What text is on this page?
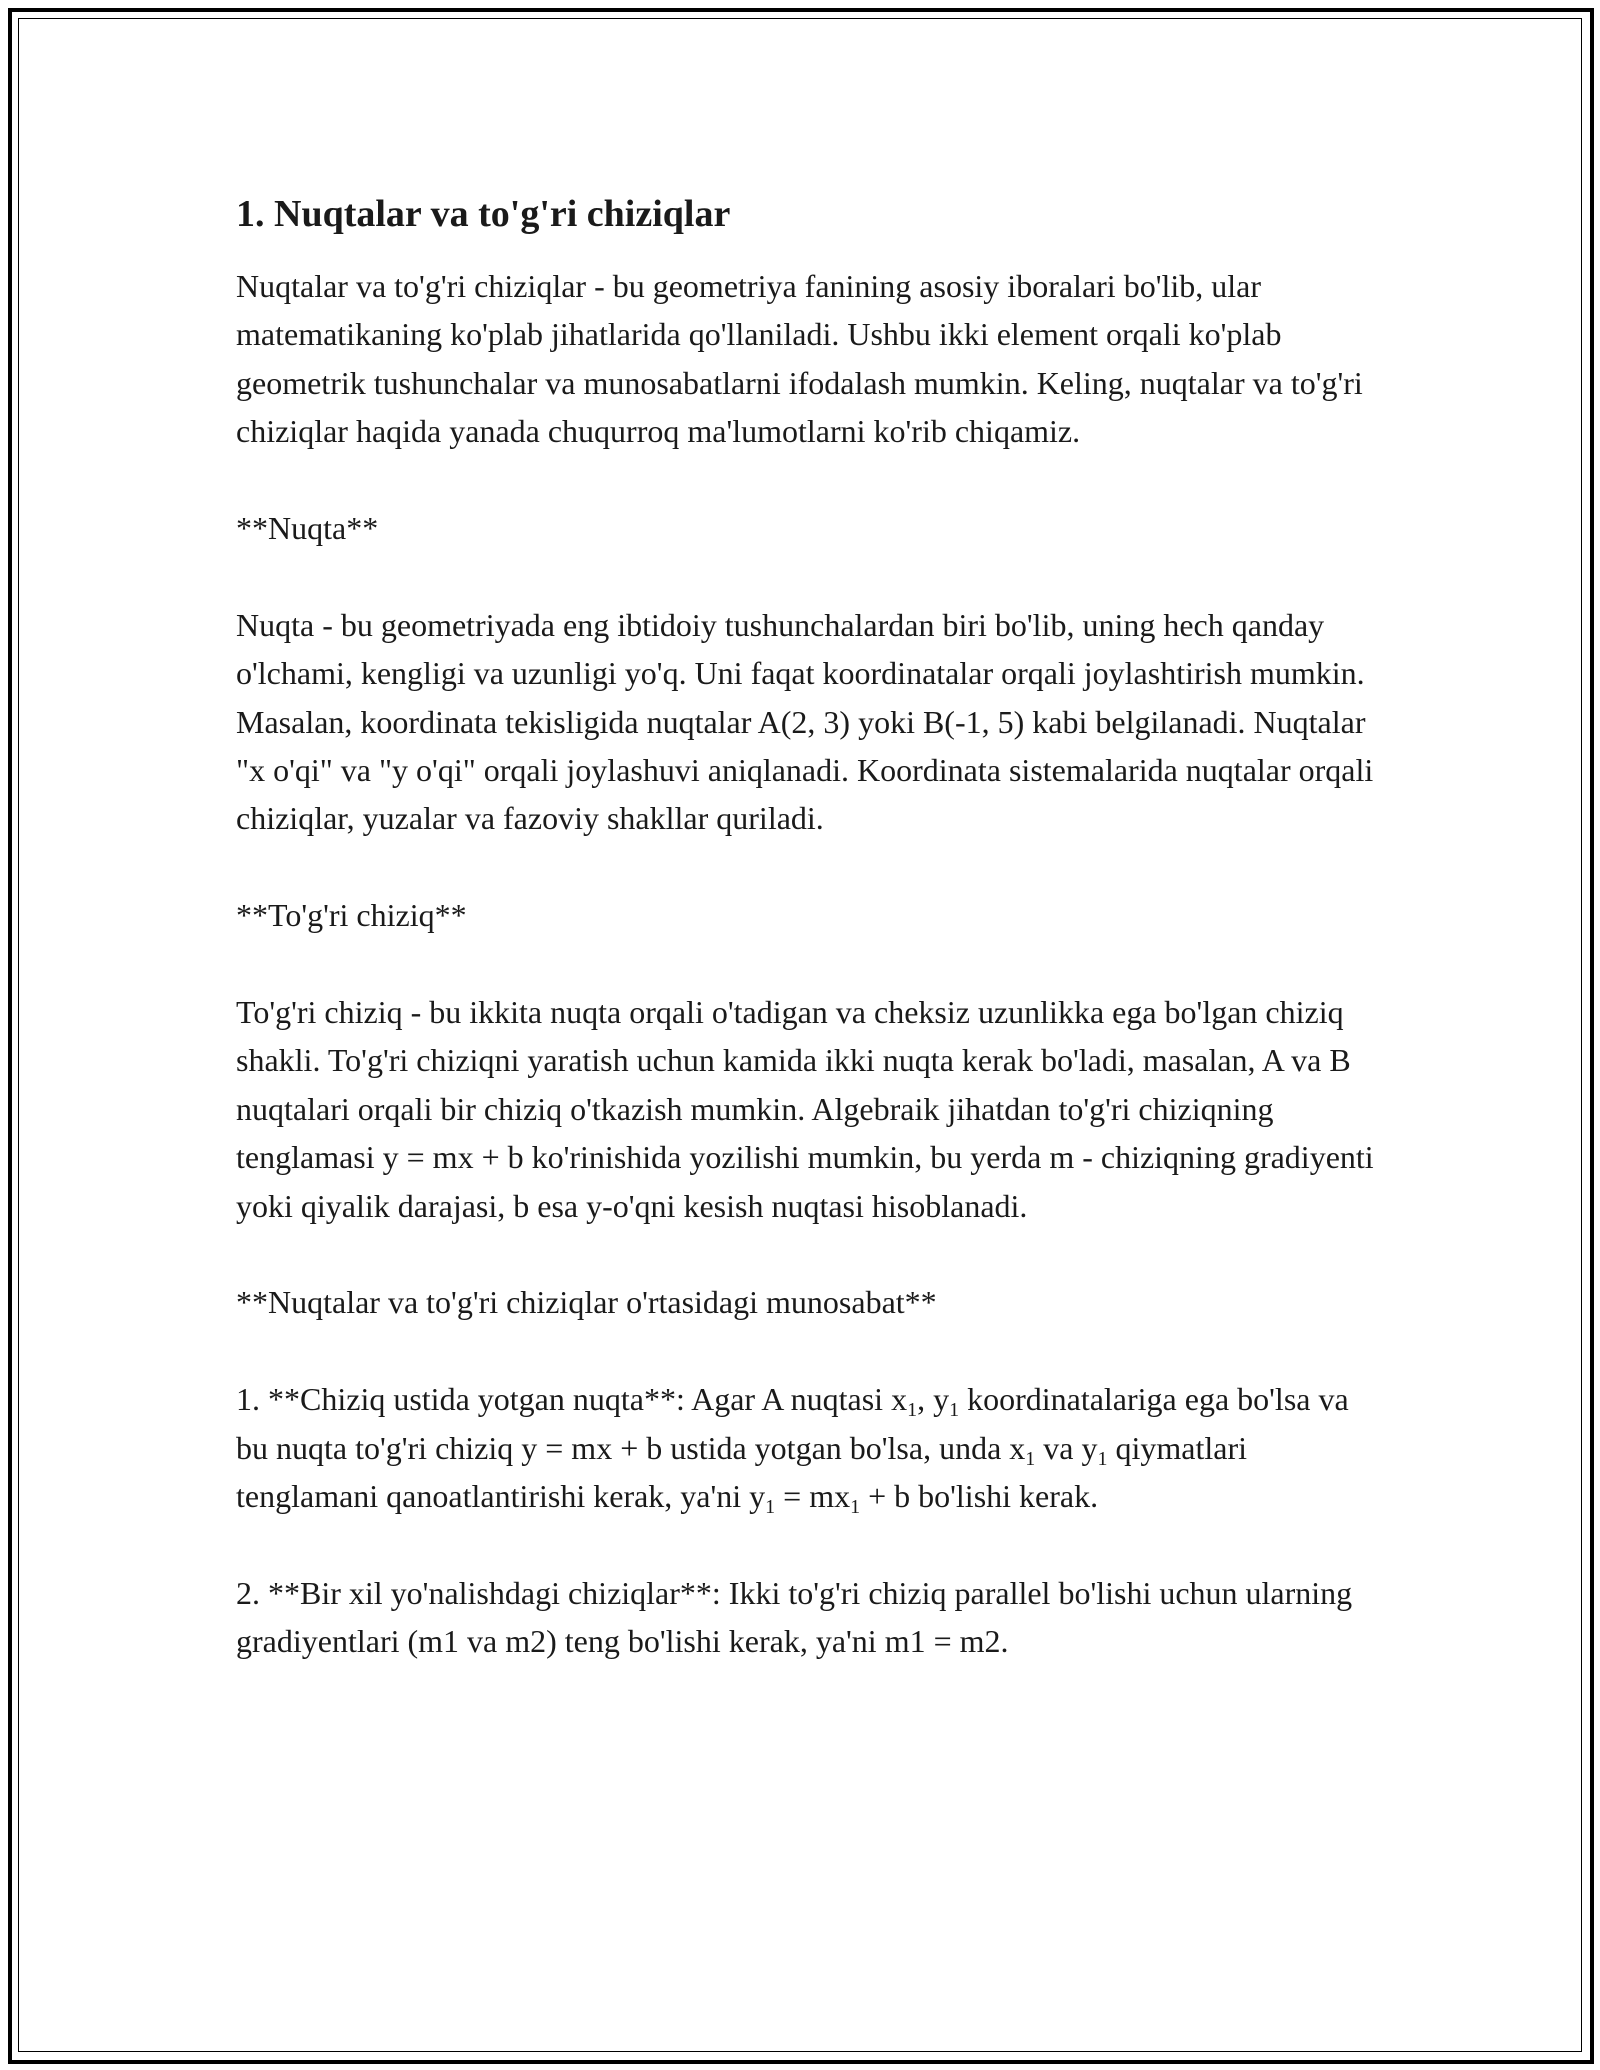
1. Nuqtalar va to'g'ri chiziqlar

Nuqtalar va to'g'ri chiziqlar - bu geometriya fanining asosiy iboralari bo'lib, ular matematikaning ko'plab jihatlarida qo'llaniladi. Ushbu ikki element orqali ko'plab geometrik tushunchalar va munosabatlarni ifodalash mumkin. Keling, nuqtalar va to'g'ri chiziqlar haqida yanada chuqurroq ma'lumotlarni ko'rib chiqamiz.

**Nuqta**

Nuqta - bu geometriyada eng ibtidoiy tushunchalardan biri bo'lib, uning hech qanday o'lchami, kengligi va uzunligi yo'q. Uni faqat koordinatalar orqali joylashtirish mumkin. Masalan, koordinata tekisligida nuqtalar A(2, 3) yoki B(-1, 5) kabi belgilanadi. Nuqtalar "x o'qi" va "y o'qi" orqali joylashuvi aniqlanadi. Koordinata sistemalarida nuqtalar orqali chiziqlar, yuzalar va fazoviy shakllar quriladi.

**To'g'ri chiziq**

To'g'ri chiziq - bu ikkita nuqta orqali o'tadigan va cheksiz uzunlikka ega bo'lgan chiziq shakli. To'g'ri chiziqni yaratish uchun kamida ikki nuqta kerak bo'ladi, masalan, A va B nuqtalari orqali bir chiziq o'tkazish mumkin. Algebraik jihatdan to'g'ri chiziqning tenglamasi y = mx + b ko'rinishida yozilishi mumkin, bu yerda m - chiziqning gradiyenti yoki qiyalik darajasi, b esa y-o'qni kesish nuqtasi hisoblanadi.

**Nuqtalar va to'g'ri chiziqlar o'rtasidagi munosabat**

1. **Chiziq ustida yotgan nuqta**: Agar A nuqtasi $x_1$, $y_1$ koordinatalariga ega bo'lsa va bu nuqta to'g'ri chiziq y = mx + b ustida yotgan bo'lsa, unda $x_1$ va $y_1$ qiymatlari tenglamani qanoatlantirishi kerak, ya'ni $y_1 = mx_1 + b$ bo'lishi kerak.

2. **Bir xil yo'nalishdagi chiziqlar**: Ikki to'g'ri chiziq parallel bo'lishi uchun ularning gradiyentlari (m1 va m2) teng bo'lishi kerak, ya'ni m1 = m2.
